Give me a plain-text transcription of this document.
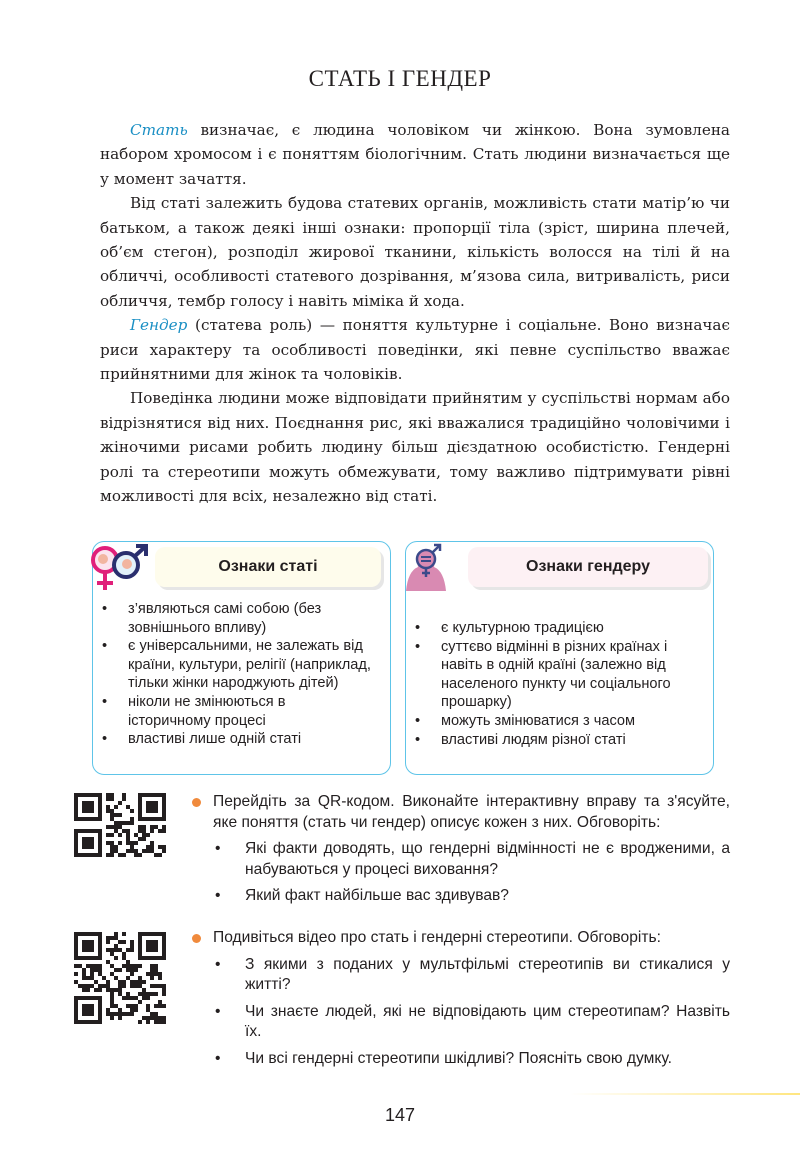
СТАТЬ І ГЕНДЕР

Стать визначає, є людина чоловіком чи жінкою. Вона зумовлена набором хромосом і є поняттям біологічним. Стать людини визначається ще у момент зачаття.

Від статі залежить будова статевих органів, можливість стати матір’ю чи батьком, а також деякі інші ознаки: пропорції тіла (зріст, ширина плечей, об’єм стегон), розподіл жирової тканини, кількість волосся на тілі й на обличчі, особливості статевого дозрівання, м’язова сила, витривалість, риси обличчя, тембр голосу і навіть міміка й хода.

Гендер (статева роль) — поняття культурне і соціальне. Воно визначає риси характеру та особливості поведінки, які певне суспільство вважає прийнятними для жінок та чоловіків.

Поведінка людини може відповідати прийнятим у суспільстві нормам або відрізнятися від них. Поєднання рис, які вважалися традиційно чоловічими і жіночими рисами робить людину більш дієздатною особистістю. Гендерні ролі та стереотипи можуть обмежувати, тому важливо підтримувати рівні можливості для всіх, незалежно від статі.

Ознаки статі
• з’являються самі собою (без зовнішнього впливу)
• є універсальними, не залежать від країни, культури, релігії (наприклад, тільки жінки народжують дітей)
• ніколи не змінюються в історичному процесі
• властиві лише одній статі
Ознаки гендеру
• є культурною традицією
• суттєво відмінні в різних країнах і навіть в одній країні (залежно від населеного пункту чи соціального прошарку)
• можуть змінюватися з часом
• властиві людям різної статі
Перейдіть за QR-кодом. Виконайте інтерактивну вправу та з'ясуйте, яке поняття (стать чи гендер) описує кожен з них. Обговоріть:
• Які факти доводять, що гендерні відмінності не є вродженими, а набуваються у процесі виховання?
• Який факт найбільше вас здивував?
Подивіться відео про стать і гендерні стереотипи. Обговоріть:
• З якими з поданих у мультфільмі стереотипів ви стикалися у житті?
• Чи знаєте людей, які не відповідають цим стереотипам? Назвіть їх.
• Чи всі гендерні стереотипи шкідливі? Поясніть свою думку.
147
